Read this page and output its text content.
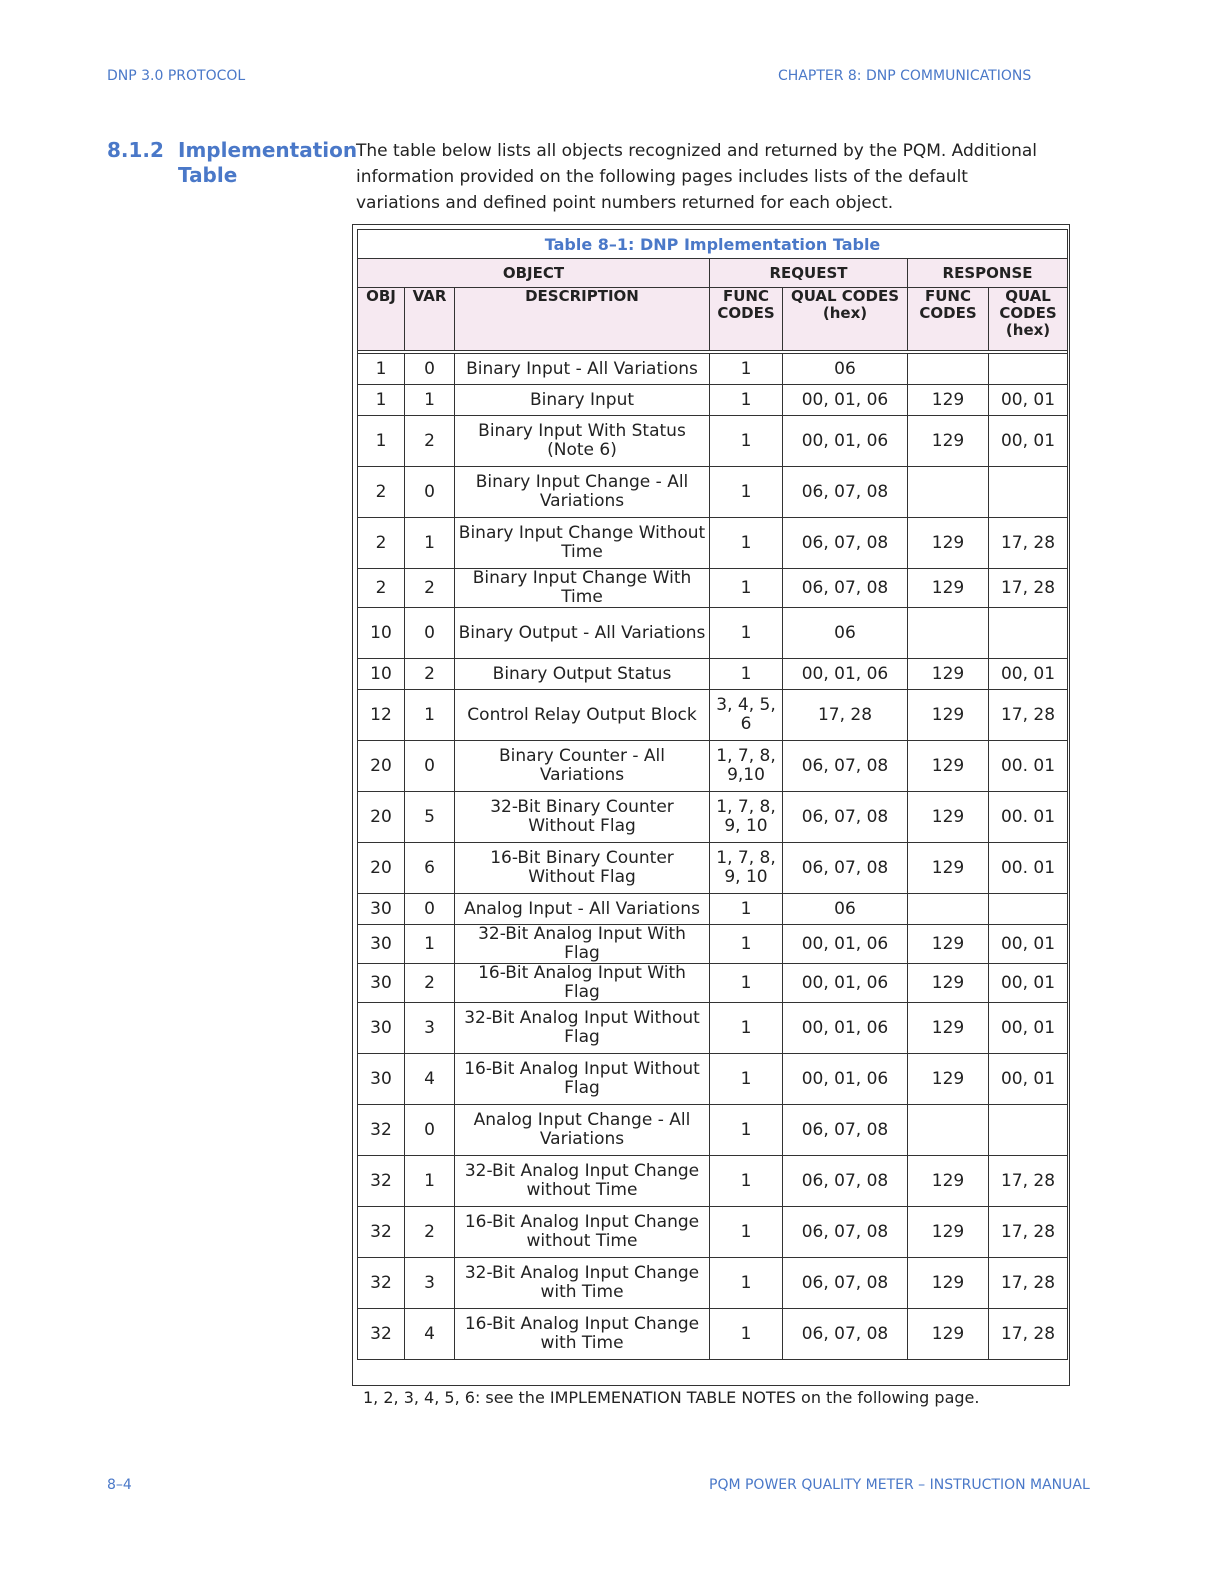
DNP 3.0 PROTOCOL	CHAPTER 8: DNP COMMUNICATIONS
8.1.2 Implementation Table
The table below lists all objects recognized and returned by the PQM. Additional information provided on the following pages includes lists of the default variations and defined point numbers returned for each object.
Table 8–1: DNP Implementation Table						
OBJECT			REQUEST		RESPONSE	
OBJ	VAR	DESCRIPTION	FUNC CODES	QUAL CODES (hex)	FUNC CODES	QUAL CODES (hex)

1	0	Binary Input - All Variations	1	06		
1	1	Binary Input	1	00, 01, 06	129	00, 01
1	2	Binary Input With Status (Note 6)	1	00, 01, 06	129	00, 01
2	0	Binary Input Change - All Variations	1	06, 07, 08		
2	1	Binary Input Change Without Time	1	06, 07, 08	129	17, 28
2	2	Binary Input Change With Time	1	06, 07, 08	129	17, 28
10	0	Binary Output - All Variations	1	06		
10	2	Binary Output Status	1	00, 01, 06	129	00, 01
12	1	Control Relay Output Block	3, 4, 5, 6	17, 28	129	17, 28
20	0	Binary Counter - All Variations	1, 7, 8, 9,10	06, 07, 08	129	00. 01
20	5	32-Bit Binary Counter Without Flag	1, 7, 8, 9, 10	06, 07, 08	129	00. 01
20	6	16-Bit Binary Counter Without Flag	1, 7, 8, 9, 10	06, 07, 08	129	00. 01
30	0	Analog Input - All Variations	1	06		
30	1	32-Bit Analog Input With Flag	1	00, 01, 06	129	00, 01
30	2	16-Bit Analog Input With Flag	1	00, 01, 06	129	00, 01
30	3	32-Bit Analog Input Without Flag	1	00, 01, 06	129	00, 01
30	4	16-Bit Analog Input Without Flag	1	00, 01, 06	129	00, 01
32	0	Analog Input Change - All Variations	1	06, 07, 08		
32	1	32-Bit Analog Input Change without Time	1	06, 07, 08	129	17, 28
32	2	16-Bit Analog Input Change without Time	1	06, 07, 08	129	17, 28
32	3	32-Bit Analog Input Change with Time	1	06, 07, 08	129	17, 28
32	4	16-Bit Analog Input Change with Time	1	06, 07, 08	129	17, 28
1, 2, 3, 4, 5, 6: see the IMPLEMENATION TABLE NOTES on the following page.
8–4	PQM POWER QUALITY METER – INSTRUCTION MANUAL
